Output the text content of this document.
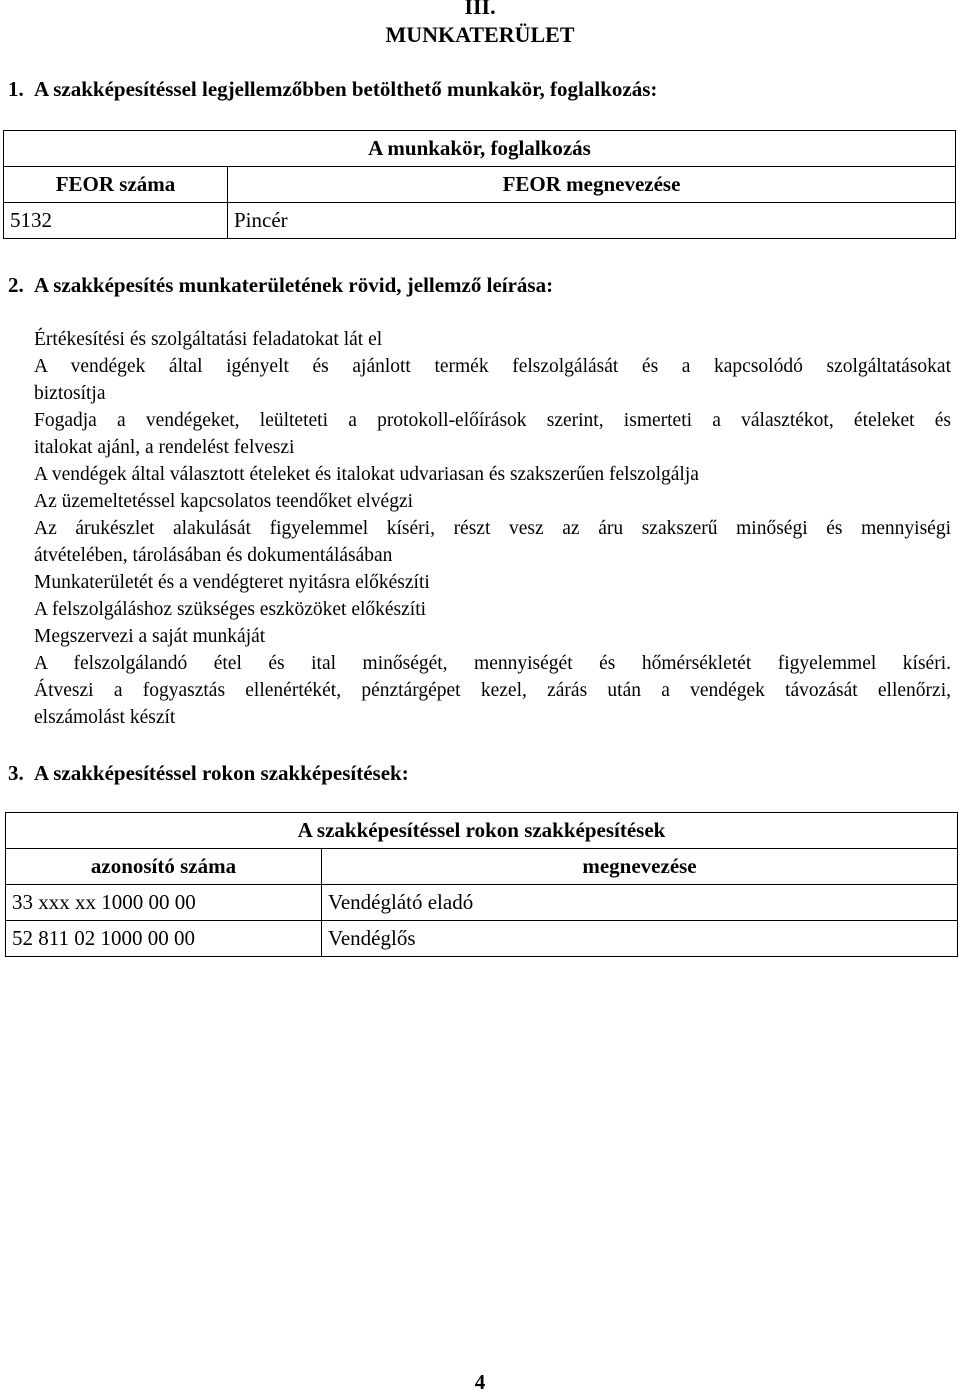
III.
MUNKATERÜLET
1. A szakképesítéssel legjellemzőbben betölthető munkakör, foglalkozás:
A munkakör, foglalkozás	
FEOR száma	FEOR megnevezése
5132	Pincér
2. A szakképesítés munkaterületének rövid, jellemző leírása:
Értékesítési és szolgáltatási feladatokat lát el
A vendégek által igényelt és ajánlott termék felszolgálását és a kapcsolódó szolgáltatásokat
biztosítja
Fogadja a vendégeket, leülteteti a protokoll-előírások szerint, ismerteti a választékot, ételeket és
italokat ajánl, a rendelést felveszi
A vendégek által választott ételeket és italokat udvariasan és szakszerűen felszolgálja
Az üzemeltetéssel kapcsolatos teendőket elvégzi
Az árukészlet alakulását figyelemmel kíséri, részt vesz az áru szakszerű minőségi és mennyiségi
átvételében, tárolásában és dokumentálásában
Munkaterületét és a vendégteret nyitásra előkészíti
A felszolgáláshoz szükséges eszközöket előkészíti
Megszervezi a saját munkáját
A felszolgálandó étel és ital minőségét, mennyiségét és hőmérsékletét figyelemmel kíséri.
Átveszi a fogyasztás ellenértékét, pénztárgépet kezel, zárás után a vendégek távozását ellenőrzi,
elszámolást készít
3. A szakképesítéssel rokon szakképesítések:
A szakképesítéssel rokon szakképesítések	
azonosító száma	megnevezése
33 xxx xx 1000 00 00	Vendéglátó eladó
52 811 02 1000 00 00	Vendéglős
4
